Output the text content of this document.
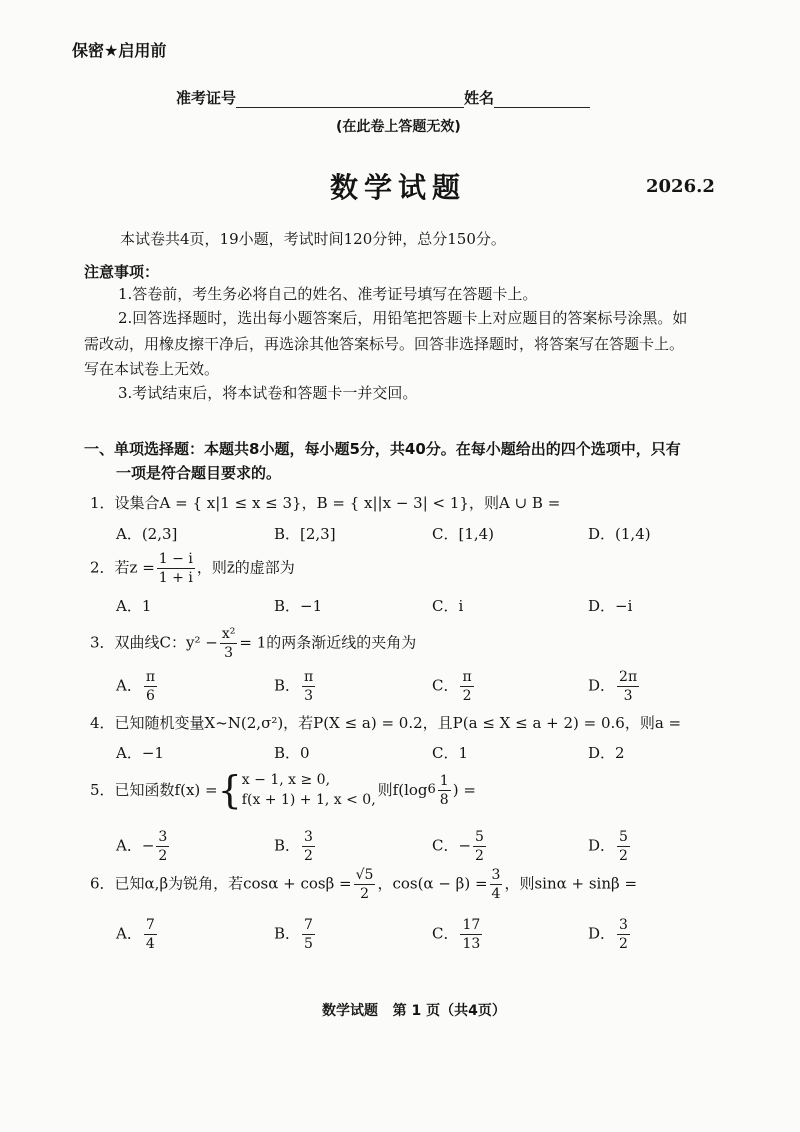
保密★启用前
准考证号	姓名
(在此卷上答题无效)
数学试题	2026.2
本试卷共4页，19小题，考试时间120分钟，总分150分。
注意事项：
1.答卷前，考生务必将自己的姓名、准考证号填写在答题卡上。
2.回答选择题时，选出每小题答案后，用铅笔把答题卡上对应题目的答案标号涂黑。如
需改动，用橡皮擦干净后，再选涂其他答案标号。回答非选择题时，将答案写在答题卡上。
写在本试卷上无效。
3.考试结束后，将本试卷和答题卡一并交回。
一、单项选择题：本题共8小题，每小题5分，共40分。在每小题给出的四个选项中，只有
一项是符合题目要求的。
1．设集合A = { x|1 ≤ x ≤ 3}，B = { x||x − 3| < 1}，则A ∪ B =
A．(2,3]	B．[2,3]	C．[1,4)	D．(1,4)
2．若$z = \frac{1 - i}{1 + i}$ ，则z̄的虚部为
A．1	B．−1	C．i	D．−i
3．双曲线C：$y^2 - \frac{\text{x²}}{3} = 1$的两条渐近线的夹角为
A． $\frac{\pi}{6}$	B． $\frac{\pi}{3}$	C． $\frac{\pi}{2}$	D． $\frac{2\pi}{3}$
4．已知随机变量X~N(2,σ²)，若P(X ≤ a) = 0.2，且P(a ≤ X ≤ a + 2) = 0.6，则a =
A．−1	B．0	C．1	D．2
5．已知函数f(x) = { x − 1, x ≥ 0,
f(x + 1) + 1, x < 0,
则f(log $6 \frac{1}{8}$ ) =
A．− $\frac{3}{2}$	B． $\frac{3}{2}$	C．− $\frac{5}{2}$	D． $\frac{5}{2}$
6．已知α,β为锐角，若$\cos\alpha + \cos\beta = \frac{√5}{2}$ ，$\cos(\alpha - \beta) = \frac{3}{4}$ ，则sinα + sinβ =
A． $\frac{7}{4}$	B． $\frac{7}{5}$	C． $\frac{17}{13}$	D． $\frac{3}{2}$
数学试题 第 1 页（共4页）
